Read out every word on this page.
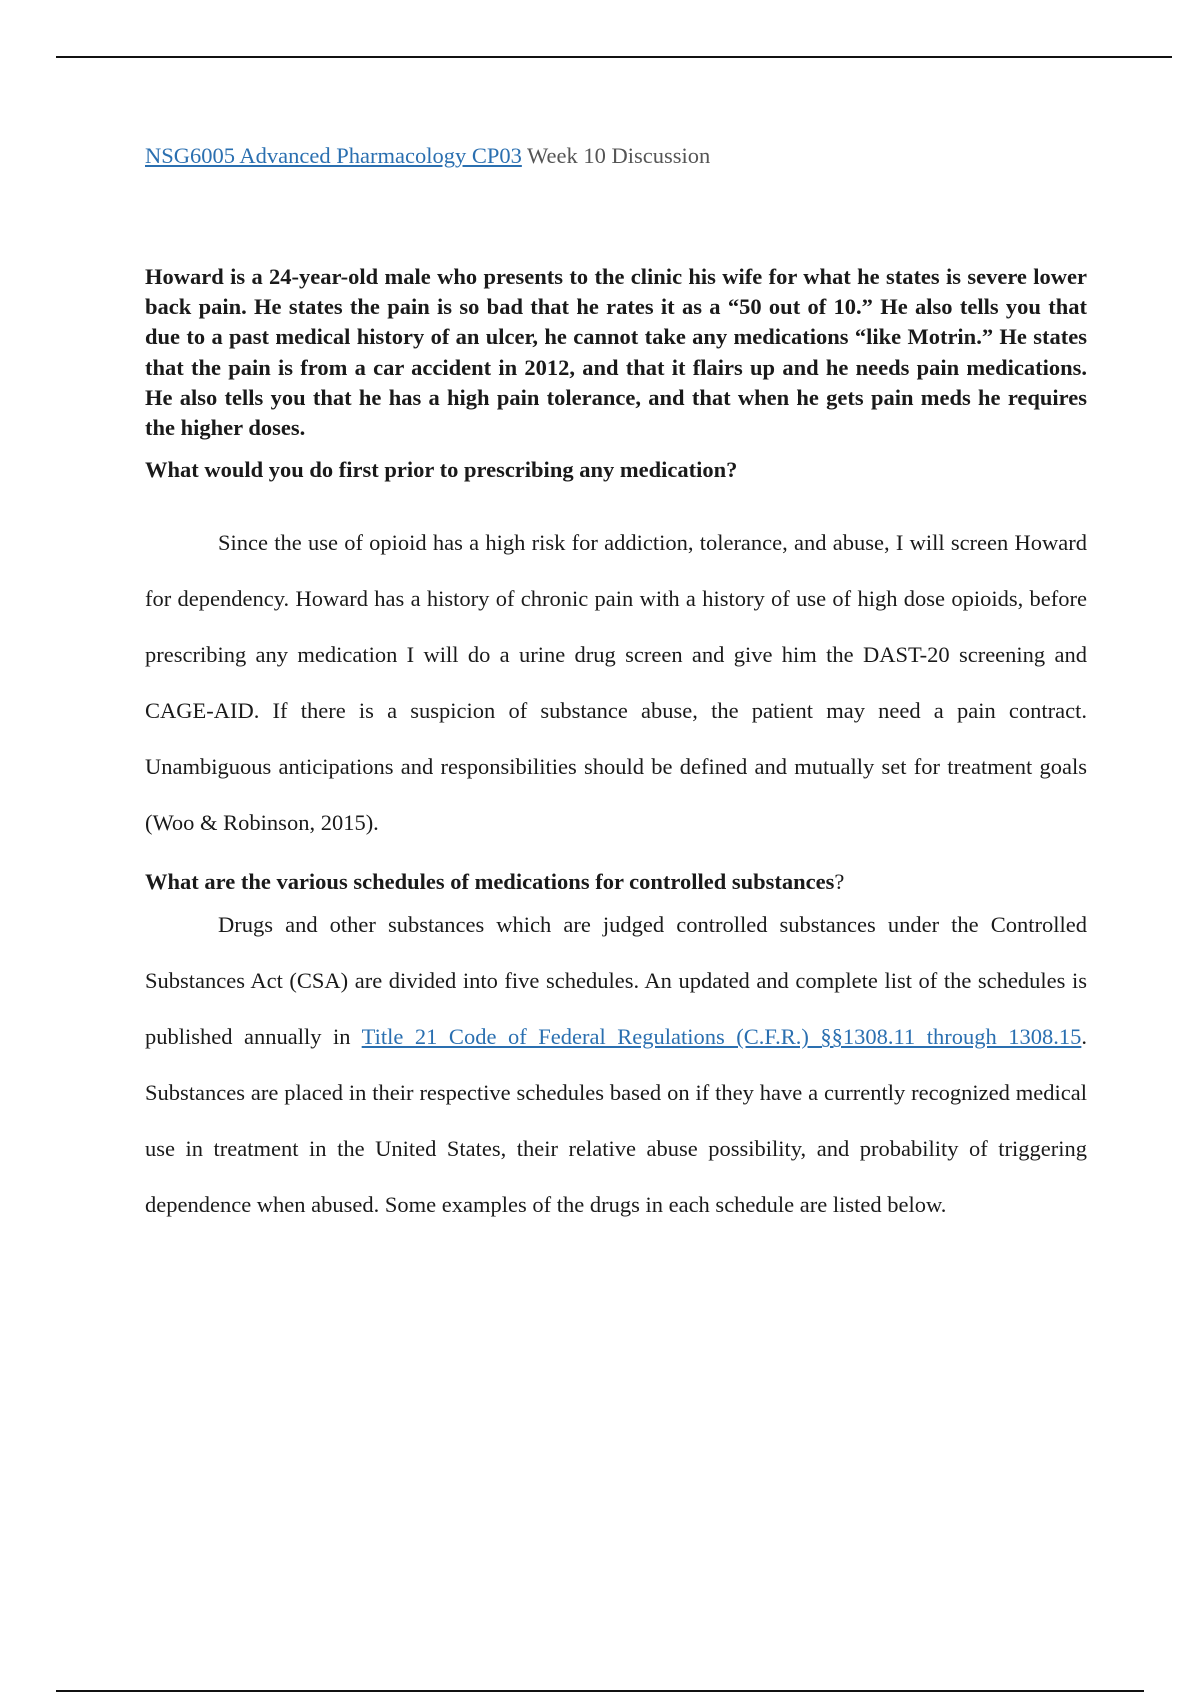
NSG6005 Advanced Pharmacology CP03 Week 10 Discussion

Howard is a 24-year-old male who presents to the clinic his wife for what he states is severe lower back pain. He states the pain is so bad that he rates it as a “50 out of 10.” He also tells you that due to a past medical history of an ulcer, he cannot take any medications “like Motrin.” He states that the pain is from a car accident in 2012, and that it flairs up and he needs pain medications. He also tells you that he has a high pain tolerance, and that when he gets pain meds he requires the higher doses.

What would you do first prior to prescribing any medication?

Since the use of opioid has a high risk for addiction, tolerance, and abuse, I will screen Howard for dependency. Howard has a history of chronic pain with a history of use of high dose opioids, before prescribing any medication I will do a urine drug screen and give him the DAST-20 screening and CAGE-AID. If there is a suspicion of substance abuse, the patient may need a pain contract. Unambiguous anticipations and responsibilities should be defined and mutually set for treatment goals (Woo & Robinson, 2015).

What are the various schedules of medications for controlled substances?

Drugs and other substances which are judged controlled substances under the Controlled Substances Act (CSA) are divided into five schedules. An updated and complete list of the schedules is published annually in Title 21 Code of Federal Regulations (C.F.R.) §§1308.11 through 1308.15. Substances are placed in their respective schedules based on if they have a currently recognized medical use in treatment in the United States, their relative abuse possibility, and probability of triggering dependence when abused. Some examples of the drugs in each schedule are listed below.
